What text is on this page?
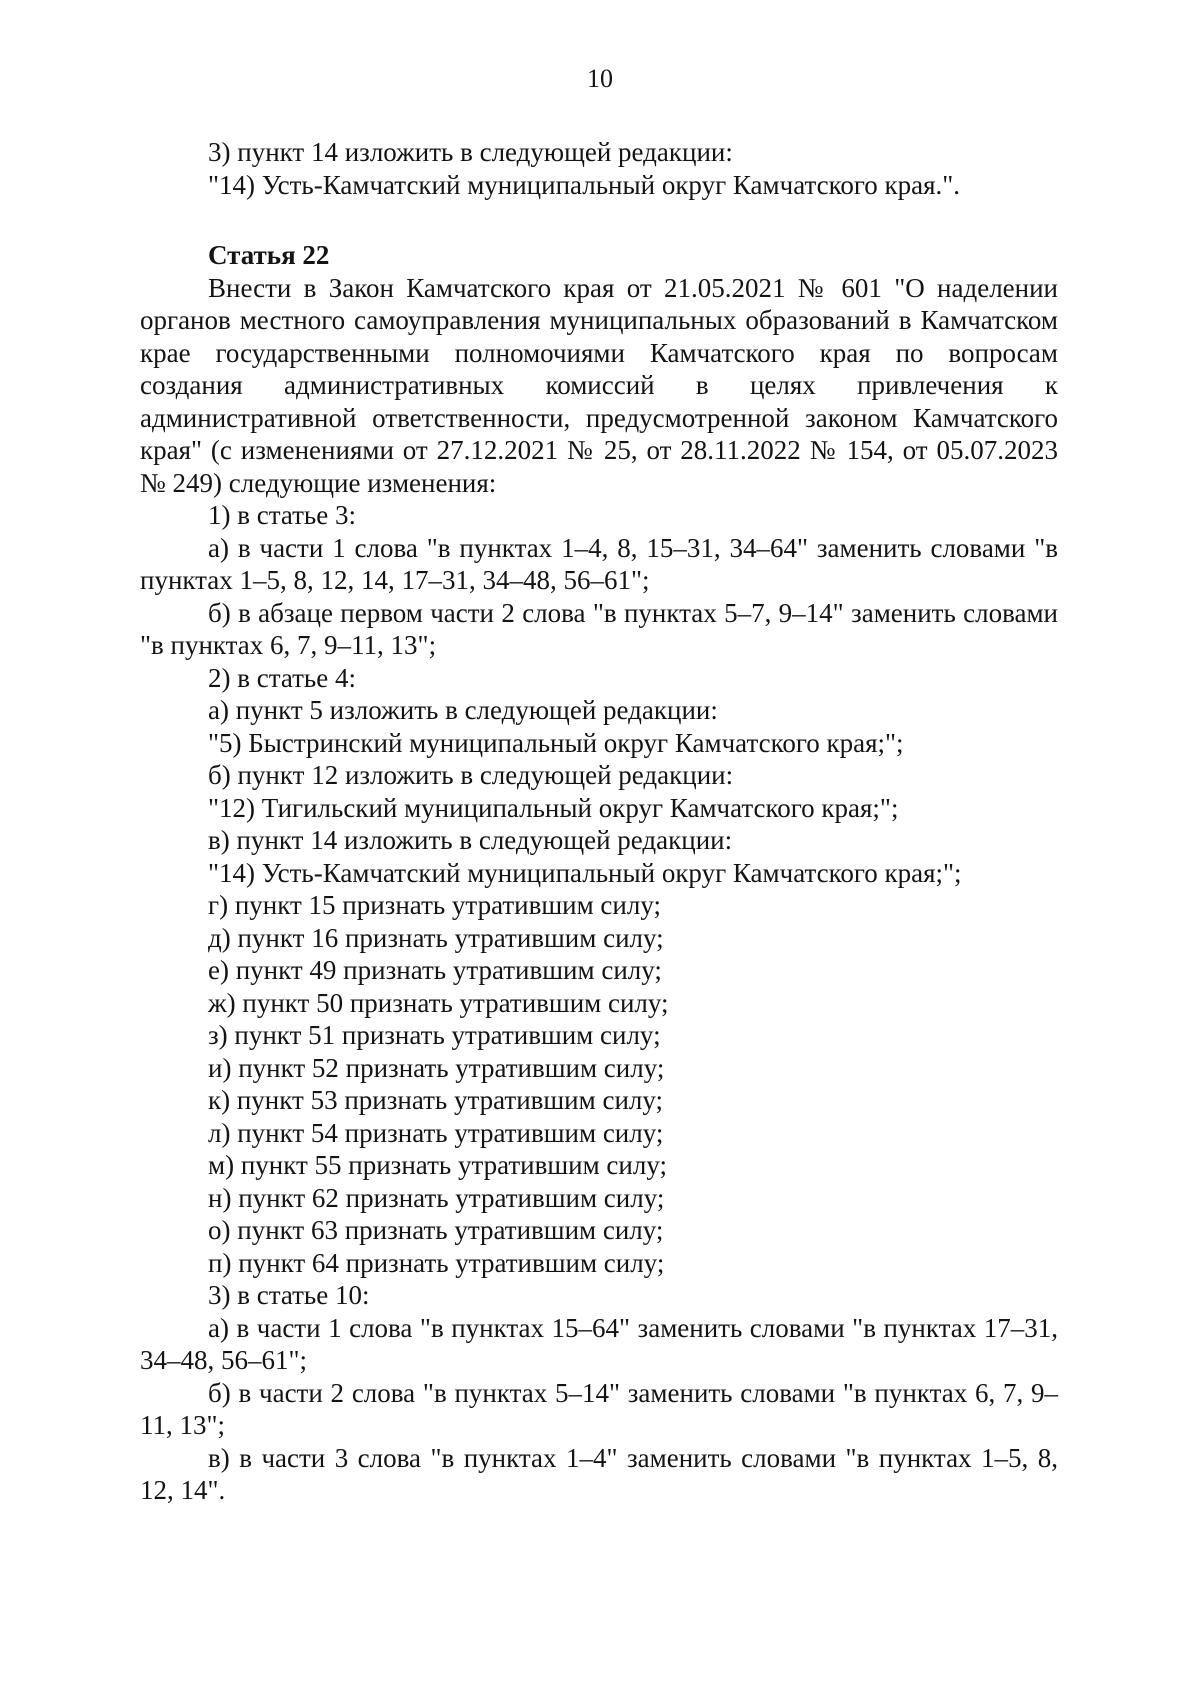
10

3) пункт 14 изложить в следующей редакции:

"14) Усть-Камчатский муниципальный округ Камчатского края.".

Статья 22

Внести в Закон Камчатского края от 21.05.2021 № 601 "О наделении органов местного самоуправления муниципальных образований в Камчатском крае государственными полномочиями Камчатского края по вопросам создания административных комиссий в целях привлечения к административной ответственности, предусмотренной законом Камчатского края" (с изменениями от 27.12.2021 № 25, от 28.11.2022 № 154, от 05.07.2023 № 249) следующие изменения:

1) в статье 3:

а) в части 1 слова "в пунктах 1–4, 8, 15–31, 34–64" заменить словами "в пунктах 1–5, 8, 12, 14, 17–31, 34–48, 56–61";

б) в абзаце первом части 2 слова "в пунктах 5–7, 9–14" заменить словами "в пунктах 6, 7, 9–11, 13";

2) в статье 4:

а) пункт 5 изложить в следующей редакции:

"5) Быстринский муниципальный округ Камчатского края;";

б) пункт 12 изложить в следующей редакции:

"12) Тигильский муниципальный округ Камчатского края;";

в) пункт 14 изложить в следующей редакции:

"14) Усть-Камчатский муниципальный округ Камчатского края;";

г) пункт 15 признать утратившим силу;

д) пункт 16 признать утратившим силу;

е) пункт 49 признать утратившим силу;

ж) пункт 50 признать утратившим силу;

з) пункт 51 признать утратившим силу;

и) пункт 52 признать утратившим силу;

к) пункт 53 признать утратившим силу;

л) пункт 54 признать утратившим силу;

м) пункт 55 признать утратившим силу;

н) пункт 62 признать утратившим силу;

о) пункт 63 признать утратившим силу;

п) пункт 64 признать утратившим силу;

3) в статье 10:

а) в части 1 слова "в пунктах 15–64" заменить словами "в пунктах 17–31, 34–48, 56–61";

б) в части 2 слова "в пунктах 5–14" заменить словами "в пунктах 6, 7, 9–11, 13";

в) в части 3 слова "в пунктах 1–4" заменить словами "в пунктах 1–5, 8, 12, 14".
